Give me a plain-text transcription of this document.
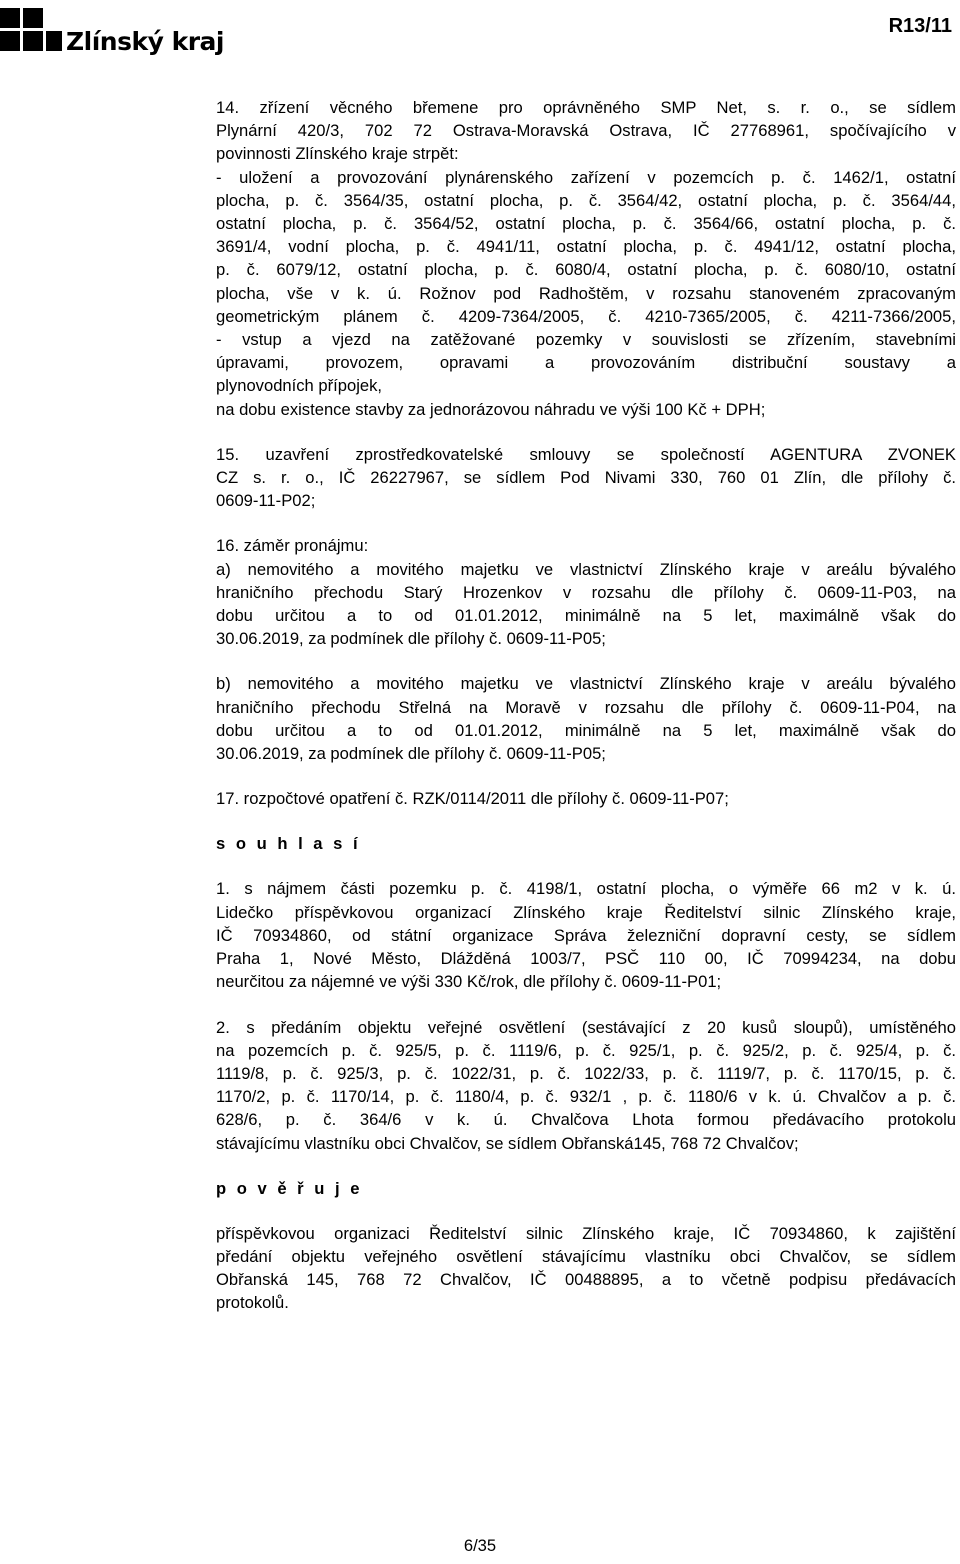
Zlínský kraj
R13/11

14. zřízení věcného břemene pro oprávněného SMP Net, s. r. o., se sídlem
Plynární 420/3, 702 72 Ostrava-Moravská Ostrava, IČ 27768961, spočívajícího v
povinnosti Zlínského kraje strpět:
- uložení a provozování plynárenského zařízení v pozemcích p. č. 1462/1, ostatní
plocha, p. č. 3564/35, ostatní plocha, p. č. 3564/42, ostatní plocha, p. č. 3564/44,
ostatní plocha, p. č. 3564/52, ostatní plocha, p. č. 3564/66, ostatní plocha, p. č.
3691/4, vodní plocha, p. č. 4941/11, ostatní plocha, p. č. 4941/12, ostatní plocha,
p. č. 6079/12, ostatní plocha, p. č. 6080/4, ostatní plocha, p. č. 6080/10, ostatní
plocha, vše v k. ú. Rožnov pod Radhoštěm, v rozsahu stanoveném zpracovaným
geometrickým plánem č. 4209-7364/2005, č. 4210-7365/2005, č. 4211-7366/2005,
- vstup a vjezd na zatěžované pozemky v souvislosti se zřízením, stavebními
úpravami, provozem, opravami a provozováním distribuční soustavy a
plynovodních přípojek,
na dobu existence stavby za jednorázovou náhradu ve výši 100 Kč + DPH;

15. uzavření zprostředkovatelské smlouvy se společností AGENTURA ZVONEK
CZ s. r. o., IČ 26227967, se sídlem Pod Nivami 330, 760 01 Zlín, dle přílohy č.
0609-11-P02;

16. záměr pronájmu:
a) nemovitého a movitého majetku ve vlastnictví Zlínského kraje v areálu bývalého
hraničního přechodu Starý Hrozenkov v rozsahu dle přílohy č. 0609-11-P03, na
dobu určitou a to od 01.01.2012, minimálně na 5 let, maximálně však do
30.06.2019, za podmínek dle přílohy č. 0609-11-P05;

b) nemovitého a movitého majetku ve vlastnictví Zlínského kraje v areálu bývalého
hraničního přechodu Střelná na Moravě v rozsahu dle přílohy č. 0609-11-P04, na
dobu určitou a to od 01.01.2012, minimálně na 5 let, maximálně však do
30.06.2019, za podmínek dle přílohy č. 0609-11-P05;

17. rozpočtové opatření č. RZK/0114/2011 dle přílohy č. 0609-11-P07;

s o u h l a s í

1. s nájmem části pozemku p. č. 4198/1, ostatní plocha, o výměře 66 m2 v k. ú.
Lidečko příspěvkovou organizací Zlínského kraje Ředitelství silnic Zlínského kraje,
IČ 70934860, od státní organizace Správa železniční dopravní cesty, se sídlem
Praha 1, Nové Město, Dlážděná 1003/7, PSČ 110 00, IČ 70994234, na dobu
neurčitou za nájemné ve výši 330 Kč/rok, dle přílohy č. 0609-11-P01;

2. s předáním objektu veřejné osvětlení (sestávající z 20 kusů sloupů), umístěného
na pozemcích p. č. 925/5, p. č. 1119/6, p. č. 925/1, p. č. 925/2, p. č. 925/4, p. č.
1119/8, p. č. 925/3, p. č. 1022/31, p. č. 1022/33, p. č. 1119/7, p. č. 1170/15, p. č.
1170/2, p. č. 1170/14, p. č. 1180/4, p. č. 932/1 , p. č. 1180/6 v k. ú. Chvalčov a p. č.
628/6, p. č. 364/6 v k. ú. Chvalčova Lhota formou předávacího protokolu
stávajícímu vlastníku obci Chvalčov, se sídlem Obřanská145, 768 72 Chvalčov;

p o v ě ř u j e

příspěvkovou organizaci Ředitelství silnic Zlínského kraje, IČ 70934860, k zajištění
předání objektu veřejného osvětlení stávajícímu vlastníku obci Chvalčov, se sídlem
Obřanská 145, 768 72 Chvalčov, IČ 00488895, a to včetně podpisu předávacích
protokolů.

6/35
